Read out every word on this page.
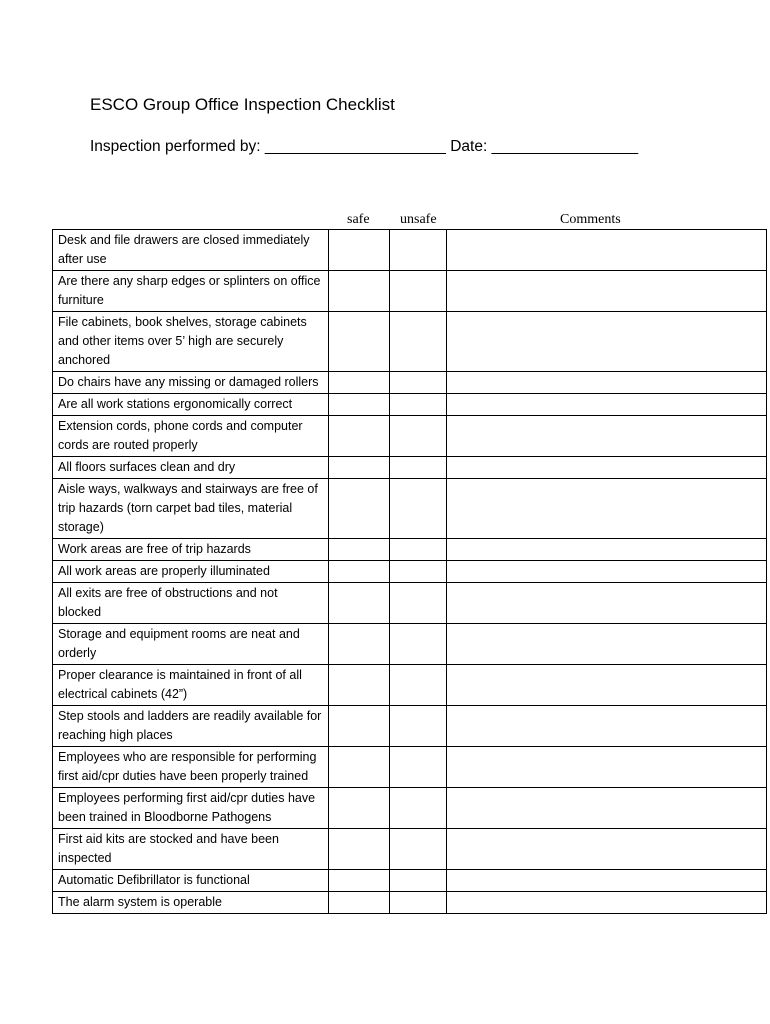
ESCO Group Office Inspection Checklist
Inspection performed by: _____________________ Date: _________________
safe unsafe	Comments
Desk and file drawers are closed immediately after use			
Are there any sharp edges or splinters on office furniture			
File cabinets, book shelves, storage cabinets and other items over 5’ high are securely anchored			
Do chairs have any missing or damaged rollers			
Are all work stations ergonomically correct			
Extension cords, phone cords and computer cords are routed properly			
All floors surfaces clean and dry			
Aisle ways, walkways and stairways are free of trip hazards (torn carpet bad tiles, material storage)			
Work areas are free of trip hazards			
All work areas are properly illuminated			
All exits are free of obstructions and not blocked			
Storage and equipment rooms are neat and orderly			
Proper clearance is maintained in front of all electrical cabinets (42”)			
Step stools and ladders are readily available for reaching high places			
Employees who are responsible for performing first aid/cpr duties have been properly trained			
Employees performing first aid/cpr duties have been trained in Bloodborne Pathogens			
First aid kits are stocked and have been inspected			
Automatic Defibrillator is functional			
The alarm system is operable			
